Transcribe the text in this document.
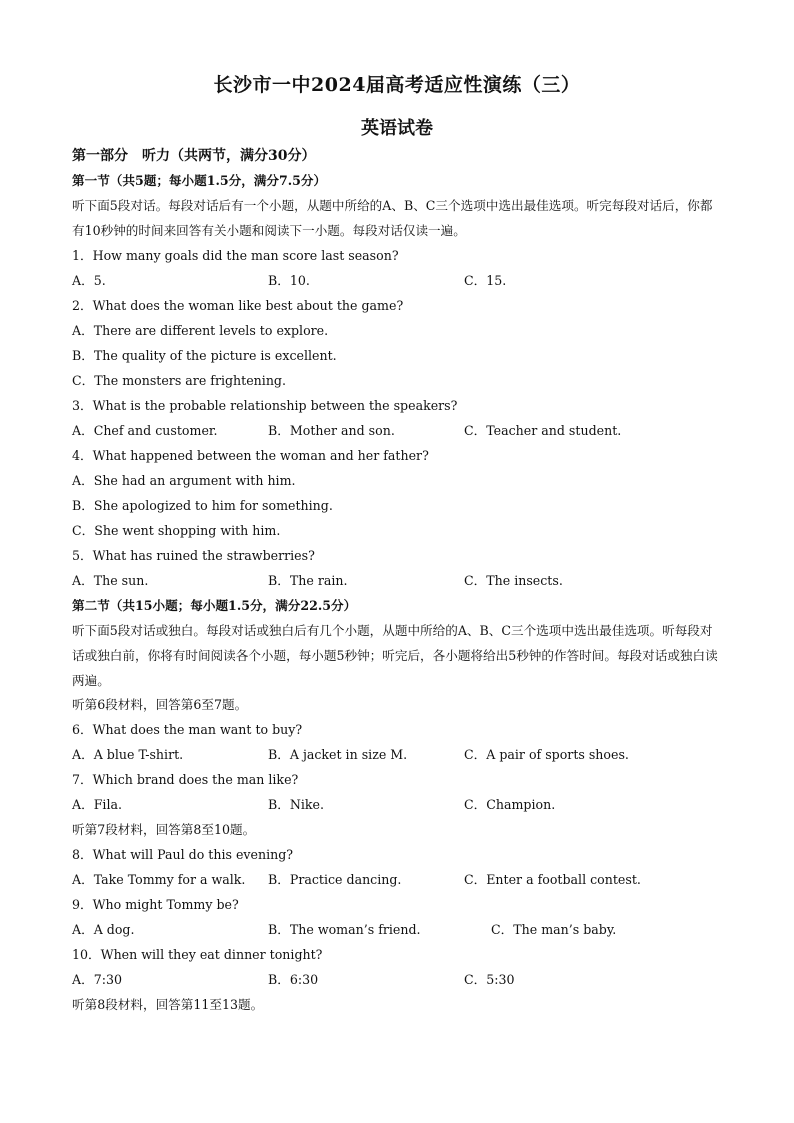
长沙市一中2024届高考适应性演练（三）
英语试卷
第一部分　听力（共两节，满分30分）
第一节（共5题；每小题1.5分，满分7.5分）
听下面5段对话。每段对话后有一个小题，从题中所给的A、B、C三个选项中选出最佳选项。听完每段对话后，你都有10秒钟的时间来回答有关小题和阅读下一小题。每段对话仅读一遍。
1．How many goals did the man score last season?
A．5.	B．10.	C．15.
2．What does the woman like best about the game?
A．There are different levels to explore.
B．The quality of the picture is excellent.
C．The monsters are frightening.
3．What is the probable relationship between the speakers?
A．Chef and customer.	B．Mother and son.	C．Teacher and student.
4．What happened between the woman and her father?
A．She had an argument with him.
B．She apologized to him for something.
C．She went shopping with him.
5．What has ruined the strawberries?
A．The sun.	B．The rain.	C．The insects.
第二节（共15小题；每小题1.5分，满分22.5分）
听下面5段对话或独白。每段对话或独白后有几个小题，从题中所给的A、B、C三个选项中选出最佳选项。听每段对话或独白前，你将有时间阅读各个小题，每小题5秒钟；听完后，各小题将给出5秒钟的作答时间。每段对话或独白读两遍。
听第6段材料，回答第6至7题。
6．What does the man want to buy?
A．A blue T-shirt.	B．A jacket in size M.	C．A pair of sports shoes.
7．Which brand does the man like?
A．Fila.	B．Nike.	C．Champion.
听第7段材料，回答第8至10题。
8．What will Paul do this evening?
A．Take Tommy for a walk. B．Practice dancing.	C．Enter a football contest.
9．Who might Tommy be?
A．A dog.	B．The woman’s friend.	C．The man’s baby.
10．When will they eat dinner tonight?
A．7:30	B．6:30	C．5:30
听第8段材料，回答第11至13题。
